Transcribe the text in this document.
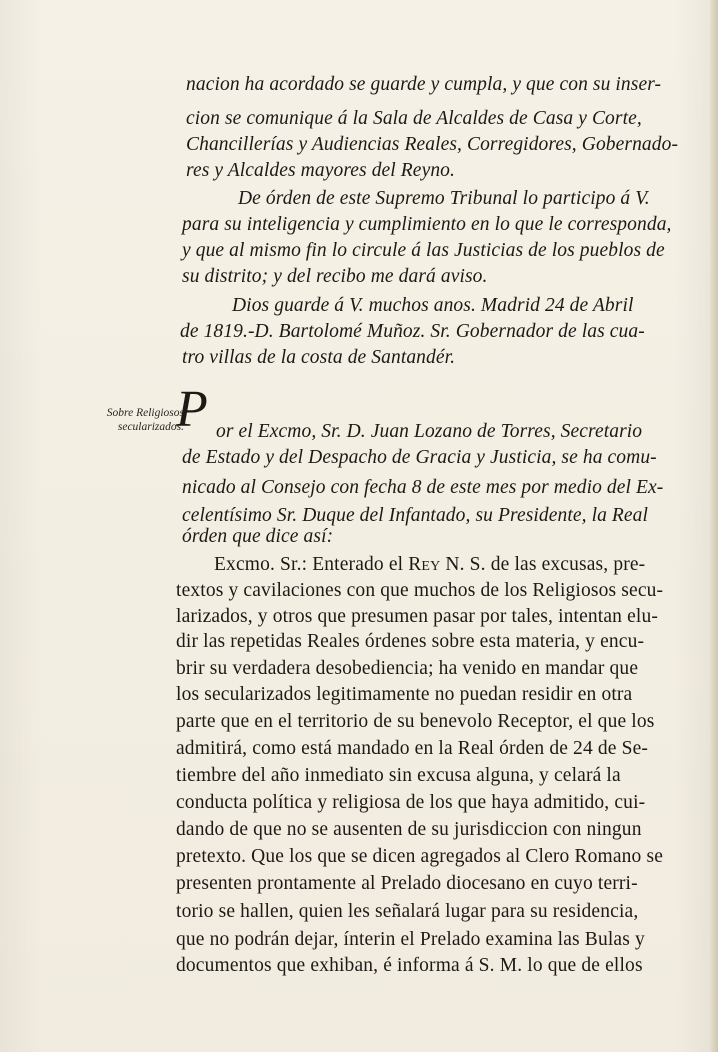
nacion ha acordado se guarde y cumpla, y que con su inser-
cion se comunique á la Sala de Alcaldes de Casa y Corte,
Chancillerías y Audiencias Reales, Corregidores, Gobernado-
res y Alcaldes mayores del Reyno.
De órden de este Supremo Tribunal lo participo á V.
para su inteligencia y cumplimiento en lo que le corresponda,
y que al mismo fin lo circule á las Justicias de los pueblos de
su distrito; y del recibo me dará aviso.
Dios guarde á V. muchos anos. Madrid 24 de Abril
de 1819.-D. Bartolomé Muñoz. Sr. Gobernador de las cua-
tro villas de la costa de Santandér.
Sobre Religiosos
secularizados.
P or el Excmo, Sr. D. Juan Lozano de Torres, Secretario
de Estado y del Despacho de Gracia y Justicia, se ha comu-
nicado al Consejo con fecha 8 de este mes por medio del Ex-
celentísimo Sr. Duque del Infantado, su Presidente, la Real
órden que dice así:
Excmo. Sr.: Enterado el Rey N. S. de las excusas, pre-
textos y cavilaciones con que muchos de los Religiosos secu-
larizados, y otros que presumen pasar por tales, intentan elu-
dir las repetidas Reales órdenes sobre esta materia, y encu-
brir su verdadera desobediencia; ha venido en mandar que
los secularizados legitimamente no puedan residir en otra
parte que en el territorio de su benevolo Receptor, el que los
admitirá, como está mandado en la Real órden de 24 de Se-
tiembre del año inmediato sin excusa alguna, y celará la
conducta política y religiosa de los que haya admitido, cui-
dando de que no se ausenten de su jurisdiccion con ningun
pretexto. Que los que se dicen agregados al Clero Romano se
presenten prontamente al Prelado diocesano en cuyo terri-
torio se hallen, quien les señalará lugar para su residencia,
que no podrán dejar, ínterin el Prelado examina las Bulas y
documentos que exhiban, é informa á S. M. lo que de ellos
